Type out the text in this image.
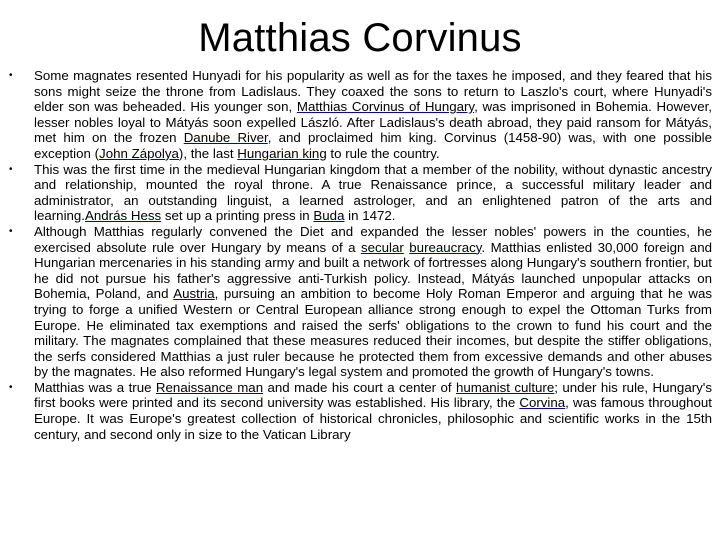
Matthias Corvinus
• Some magnates resented Hunyadi for his popularity as well as for the taxes he imposed, and they feared that his sons might seize the throne from Ladislaus. They coaxed the sons to return to Laszlo's court, where Hunyadi's elder son was beheaded. His younger son, Matthias Corvinus of Hungary, was imprisoned in Bohemia. However, lesser nobles loyal to Mátyás soon expelled László. After Ladislaus's death abroad, they paid ransom for Mátyás, met him on the frozen Danube River, and proclaimed him king. Corvinus (1458-90) was, with one possible exception (John Zápolya), the last Hungarian king to rule the country.
• This was the first time in the medieval Hungarian kingdom that a member of the nobility, without dynastic ancestry and relationship, mounted the royal throne. A true Renaissance prince, a successful military leader and administrator, an outstanding linguist, a learned astrologer, and an enlightened patron of the arts and learning.András Hess set up a printing press in Buda in 1472.
• Although Matthias regularly convened the Diet and expanded the lesser nobles' powers in the counties, he exercised absolute rule over Hungary by means of a secular bureaucracy. Matthias enlisted 30,000 foreign and Hungarian mercenaries in his standing army and built a network of fortresses along Hungary's southern frontier, but he did not pursue his father's aggressive anti-Turkish policy. Instead, Mátyás launched unpopular attacks on Bohemia, Poland, and Austria, pursuing an ambition to become Holy Roman Emperor and arguing that he was trying to forge a unified Western or Central European alliance strong enough to expel the Ottoman Turks from Europe. He eliminated tax exemptions and raised the serfs' obligations to the crown to fund his court and the military. The magnates complained that these measures reduced their incomes, but despite the stiffer obligations, the serfs considered Matthias a just ruler because he protected them from excessive demands and other abuses by the magnates. He also reformed Hungary's legal system and promoted the growth of Hungary's towns.
• Matthias was a true Renaissance man and made his court a center of humanist culture; under his rule, Hungary's first books were printed and its second university was established. His library, the Corvina, was famous throughout Europe. It was Europe's greatest collection of historical chronicles, philosophic and scientific works in the 15th century, and second only in size to the Vatican Library
